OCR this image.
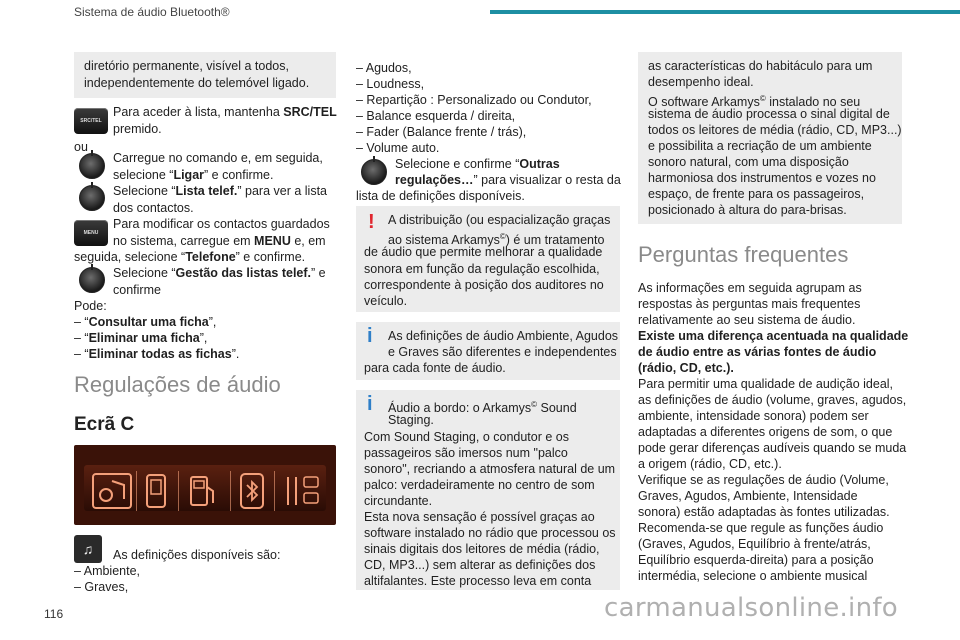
Sistema de áudio Bluetooth®
diretório permanente, visível a todos,
independentemente do telemóvel ligado.
SRC/TEL
Para aceder à lista, mantenha SRC/TEL
premido.
ou
Carregue no comando e, em seguida,
selecione “Ligar” e confirme.
Selecione “Lista telef.” para ver a lista
dos contactos.
MENU
Para modificar os contactos guardados
no sistema, carregue em MENU e, em
seguida, selecione “Telefone” e confirme.
Selecione “Gestão das listas telef.” e
confirme
Pode:
– “Consultar uma ficha”,
– “Eliminar uma ficha”,
– “Eliminar todas as fichas”.
Regulações de áudio
Ecrã C
♫	As definições disponíveis são:
– Ambiente,
– Graves,
– Agudos,
– Loudness,
– Repartição : Personalizado ou Condutor,
– Balance esquerda / direita,
– Fader (Balance frente / trás),
– Volume auto.
Selecione e confirme “Outras
regulações…” para visualizar o resta da
lista de definições disponíveis.
! A distribuição (ou espacialização graças
ao sistema Arkamys©) é um tratamento
de áudio que permite melhorar a qualidade
sonora em função da regulação escolhida,
correspondente à posição dos auditores no
veículo.
i As definições de áudio Ambiente, Agudos
e Graves são diferentes e independentes
para cada fonte de áudio.
i Áudio a bordo: o Arkamys© Sound
Staging.
Com Sound Staging, o condutor e os
passageiros são imersos num "palco
sonoro", recriando a atmosfera natural de um
palco: verdadeiramente no centro de som
circundante.
Esta nova sensação é possível graças ao
software instalado no rádio que processou os
sinais digitais dos leitores de média (rádio,
CD, MP3...) sem alterar as definições dos
altifalantes. Este processo leva em conta
as características do habitáculo para um
desempenho ideal.
O software Arkamys© instalado no seu
sistema de áudio processa o sinal digital de
todos os leitores de média (rádio, CD, MP3...)
e possibilita a recriação de um ambiente
sonoro natural, com uma disposição
harmoniosa dos instrumentos e vozes no
espaço, de frente para os passageiros,
posicionado à altura do para-brisas.
Perguntas frequentes
As informações em seguida agrupam as
respostas às perguntas mais frequentes
relativamente ao seu sistema de áudio.
Existe uma diferença acentuada na qualidade
de áudio entre as várias fontes de áudio
(rádio, CD, etc.).
Para permitir uma qualidade de audição ideal,
as definições de áudio (volume, graves, agudos,
ambiente, intensidade sonora) podem ser
adaptadas a diferentes origens de som, o que
pode gerar diferenças audíveis quando se muda
a origem (rádio, CD, etc.).
Verifique se as regulações de áudio (Volume,
Graves, Agudos, Ambiente, Intensidade
sonora) estão adaptadas às fontes utilizadas.
Recomenda-se que regule as funções áudio
(Graves, Agudos, Equilíbrio à frente/atrás,
Equilíbrio esquerda-direita) para a posição
intermédia, selecione o ambiente musical
116	carmanualsonline.info
